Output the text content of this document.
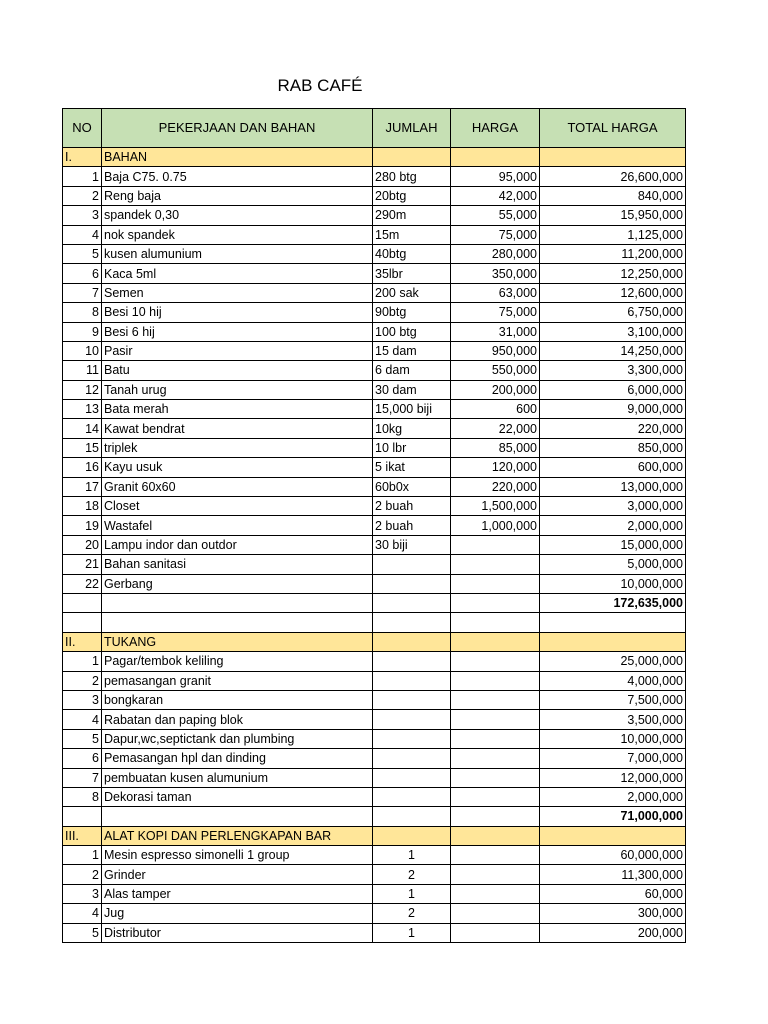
RAB CAFÉ
NO	PEKERJAAN DAN BAHAN	JUMLAH	HARGA	TOTAL HARGA
I.	BAHAN			
1	Baja C75. 0.75	280 btg	95,000	26,600,000
2	Reng baja	20btg	42,000	840,000
3	spandek 0,30	290m	55,000	15,950,000
4	nok spandek	15m	75,000	1,125,000
5	kusen alumunium	40btg	280,000	11,200,000
6	Kaca 5ml	35lbr	350,000	12,250,000
7	Semen	200 sak	63,000	12,600,000
8	Besi 10 hij	90btg	75,000	6,750,000
9	Besi 6 hij	100 btg	31,000	3,100,000
10	Pasir	15 dam	950,000	14,250,000
11	Batu	6 dam	550,000	3,300,000
12	Tanah urug	30 dam	200,000	6,000,000
13	Bata merah	15,000 biji	600	9,000,000
14	Kawat bendrat	10kg	22,000	220,000
15	triplek	10 lbr	85,000	850,000
16	Kayu usuk	5 ikat	120,000	600,000
17	Granit 60x60	60b0x	220,000	13,000,000
18	Closet	2 buah	1,500,000	3,000,000
19	Wastafel	2 buah	1,000,000	2,000,000
20	Lampu indor dan outdor	30 biji		15,000,000
21	Bahan sanitasi			5,000,000
22	Gerbang			10,000,000
				172,635,000

II.	TUKANG			
1	Pagar/tembok keliling			25,000,000
2	pemasangan granit			4,000,000
3	bongkaran			7,500,000
4	Rabatan dan paping blok			3,500,000
5	Dapur,wc,septictank dan plumbing			10,000,000
6	Pemasangan hpl dan dinding			7,000,000
7	pembuatan kusen alumunium			12,000,000
8	Dekorasi taman			2,000,000
				71,000,000
III.	ALAT KOPI DAN PERLENGKAPAN BAR			
1	Mesin espresso simonelli 1 group	1		60,000,000
2	Grinder	2		11,300,000
3	Alas tamper	1		60,000
4	Jug	2		300,000
5	Distributor	1		200,000
